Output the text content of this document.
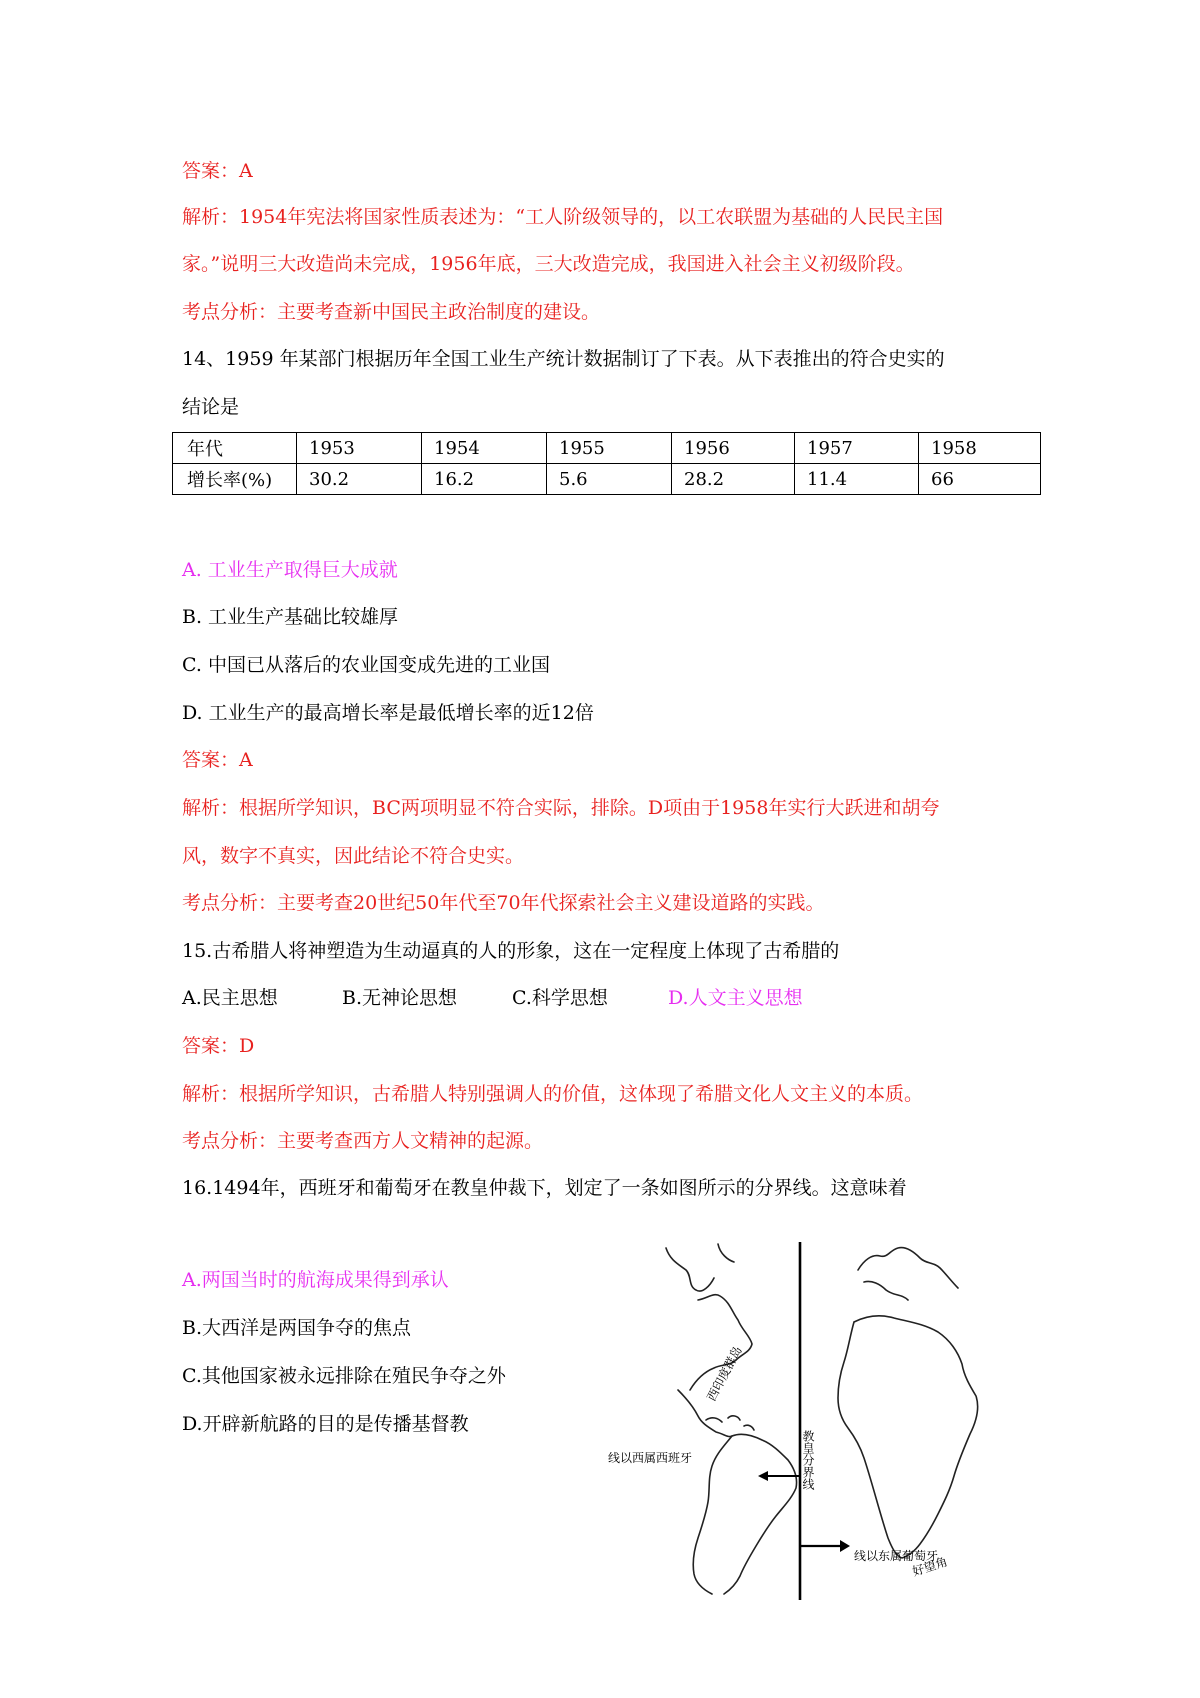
答案：A
解析：1954年宪法将国家性质表述为：“工人阶级领导的，以工农联盟为基础的人民民主国
家。”说明三大改造尚未完成，1956年底，三大改造完成，我国进入社会主义初级阶段。
考点分析：主要考查新中国民主政治制度的建设。
14、1959 年某部门根据历年全国工业生产统计数据制订了下表。从下表推出的符合史实的
结论是
年代	1953	1954	1955	1956	1957	1958
增长率(%)	30.2	16.2	5.6	28.2	11.4	66
A. 工业生产取得巨大成就
B. 工业生产基础比较雄厚
C. 中国已从落后的农业国变成先进的工业国
D. 工业生产的最高增长率是最低增长率的近12倍
答案：A
解析：根据所学知识，BC两项明显不符合实际，排除。D项由于1958年实行大跃进和胡夸
风，数字不真实，因此结论不符合史实。
考点分析：主要考查20世纪50年代至70年代探索社会主义建设道路的实践。
15.古希腊人将神塑造为生动逼真的人的形象，这在一定程度上体现了古希腊的
A.民主思想	B.无神论思想	C.科学思想	D.人文主义思想
答案：D
解析：根据所学知识，古希腊人特别强调人的价值，这体现了希腊文化人文主义的本质。
考点分析：主要考查西方人文精神的起源。
16.1494年，西班牙和葡萄牙在教皇仲裁下，划定了一条如图所示的分界线。这意味着
A.两国当时的航海成果得到承认
B.大西洋是两国争夺的焦点
C.其他国家被永远排除在殖民争夺之外
D.开辟新航路的目的是传播基督教
西印度群岛
线以西属西班牙	教皇分界线
线以东属葡萄牙
好望角
